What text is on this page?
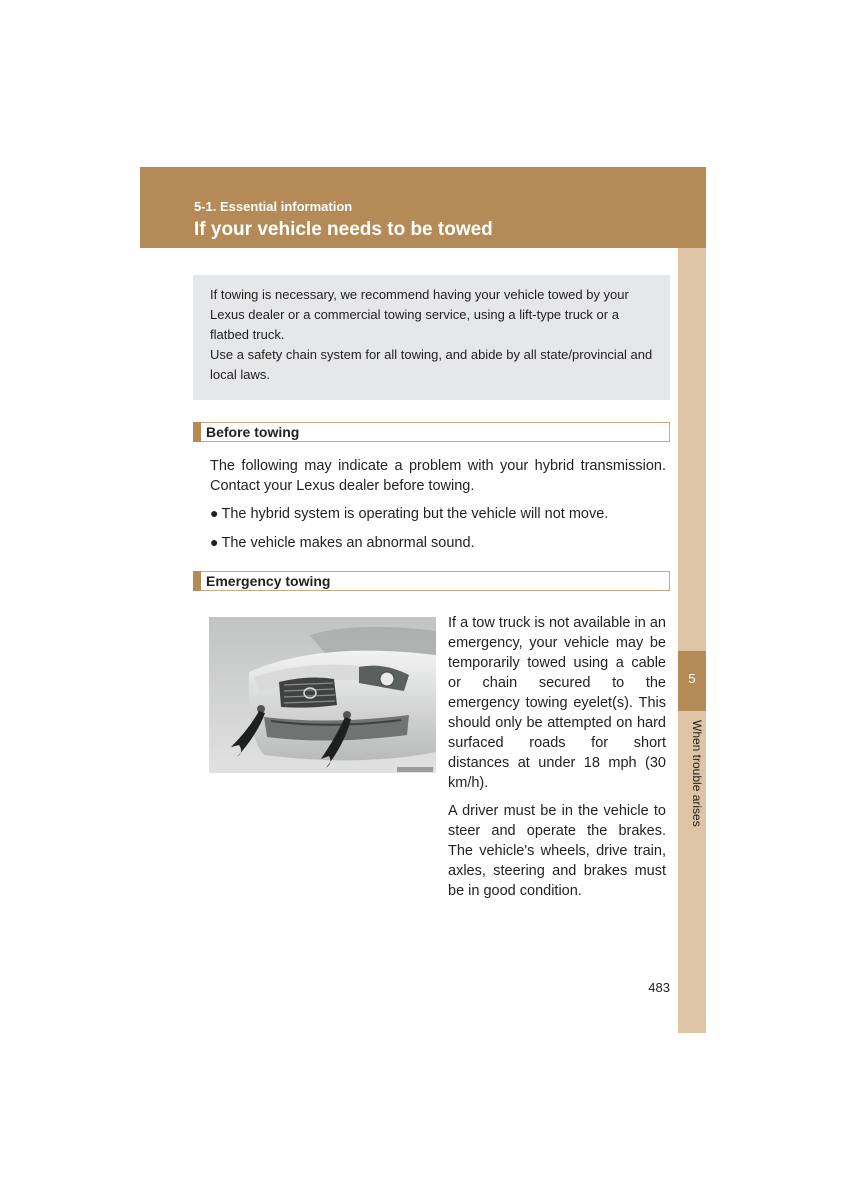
5-1. Essential information
If your vehicle needs to be towed
5
When trouble arises

If towing is necessary, we recommend having your vehicle towed by your Lexus dealer or a commercial towing service, using a lift-type truck or a flatbed truck.

Use a safety chain system for all towing, and abide by all state/provincial and local laws.

Before towing

The following may indicate a problem with your hybrid transmission. Contact your Lexus dealer before towing.

● The hybrid system is operating but the vehicle will not move.
● The vehicle makes an abnormal sound.
Emergency towing

If a tow truck is not available in an emergency, your vehicle may be temporarily towed using a cable or chain secured to the emergency towing eyelet(s). This should only be attempted on hard surfaced roads for short distances at under 18 mph (30 km/h).

A driver must be in the vehicle to steer and operate the brakes. The vehicle's wheels, drive train, axles, steering and brakes must be in good condition.

483
